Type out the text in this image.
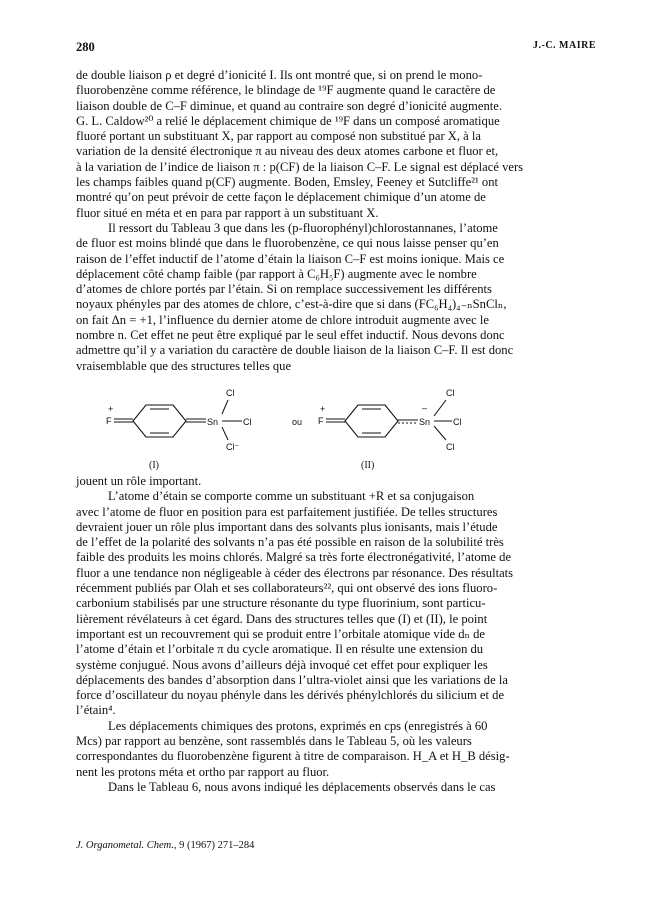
280	J.-C. MAIRE
de double liaison ρ et degré d’ionicité I. Ils ont montré que, si on prend le mono-
fluorobenzène comme référence, le blindage de ¹⁹F augmente quand le caractère de
liaison double de C–F diminue, et quand au contraire son degré d’ionicité augmente.
G. L. Caldow²⁰ a relié le déplacement chimique de ¹⁹F dans un composé aromatique
fluoré portant un substituant X, par rapport au composé non substitué par X, à la
variation de la densité électronique π au niveau des deux atomes carbone et fluor et,
à la variation de l’indice de liaison π : p(CF) de la liaison C–F. Le signal est déplacé vers
les champs faibles quand p(CF) augmente. Boden, Emsley, Feeney et Sutcliffe²¹ ont
montré qu’on peut prévoir de cette façon le déplacement chimique d’un atome de
fluor situé en méta et en para par rapport à un substituant X.
Il ressort du Tableau 3 que dans les (p-fluorophényl)chlorostannanes, l’atome
de fluor est moins blindé que dans le fluorobenzène, ce qui nous laisse penser qu’en
raison de l’effet inductif de l’atome d’étain la liaison C–F est moins ionique. Mais ce
déplacement côté champ faible (par rapport à C₆H₅F) augmente avec le nombre
d’atomes de chlore portés par l’étain. Si on remplace successivement les différents
noyaux phényles par des atomes de chlore, c’est-à-dire que si dans (FC₆H₄)₄₋ₙSnClₙ,
on fait Δn = +1, l’influence du dernier atome de chlore introduit augmente avec le
nombre n. Cet effet ne peut être expliqué par le seul effet inductif. Nous devons donc
admettre qu’il y a variation du caractère de double liaison de la liaison C–F. Il est donc
vraisemblable que des structures telles que
+
F	Sn
Cl
Cl
Cl⁻
ou
+
F
–
Sn
Cl
Cl
Cl
(I)	(II)
jouent un rôle important.
L’atome d’étain se comporte comme un substituant +R et sa conjugaison
avec l’atome de fluor en position para est parfaitement justifiée. De telles structures
devraient jouer un rôle plus important dans des solvants plus ionisants, mais l’étude
de l’effet de la polarité des solvants n’a pas été possible en raison de la solubilité très
faible des produits les moins chlorés. Malgré sa très forte électronégativité, l’atome de
fluor a une tendance non négligeable à céder des électrons par résonance. Des résultats
récemment publiés par Olah et ses collaborateurs²², qui ont observé des ions fluoro-
carbonium stabilisés par une structure résonante du type fluorinium, sont particu-
lièrement révélateurs à cet égard. Dans des structures telles que (I) et (II), le point
important est un recouvrement qui se produit entre l’orbitale atomique vide dₙ de
l’atome d’étain et l’orbitale π du cycle aromatique. Il en résulte une extension du
système conjugué. Nous avons d’ailleurs déjà invoqué cet effet pour expliquer les
déplacements des bandes d’absorption dans l’ultra-violet ainsi que les variations de la
force d’oscillateur du noyau phényle dans les dérivés phénylchlorés du silicium et de
l’étain⁴.
Les déplacements chimiques des protons, exprimés en cps (enregistrés à 60
Mcs) par rapport au benzène, sont rassemblés dans le Tableau 5, où les valeurs
correspondantes du fluorobenzène figurent à titre de comparaison. H_A et H_B désig-
nent les protons méta et ortho par rapport au fluor.
Dans le Tableau 6, nous avons indiqué les déplacements observés dans le cas
J. Organometal. Chem., 9 (1967) 271–284
